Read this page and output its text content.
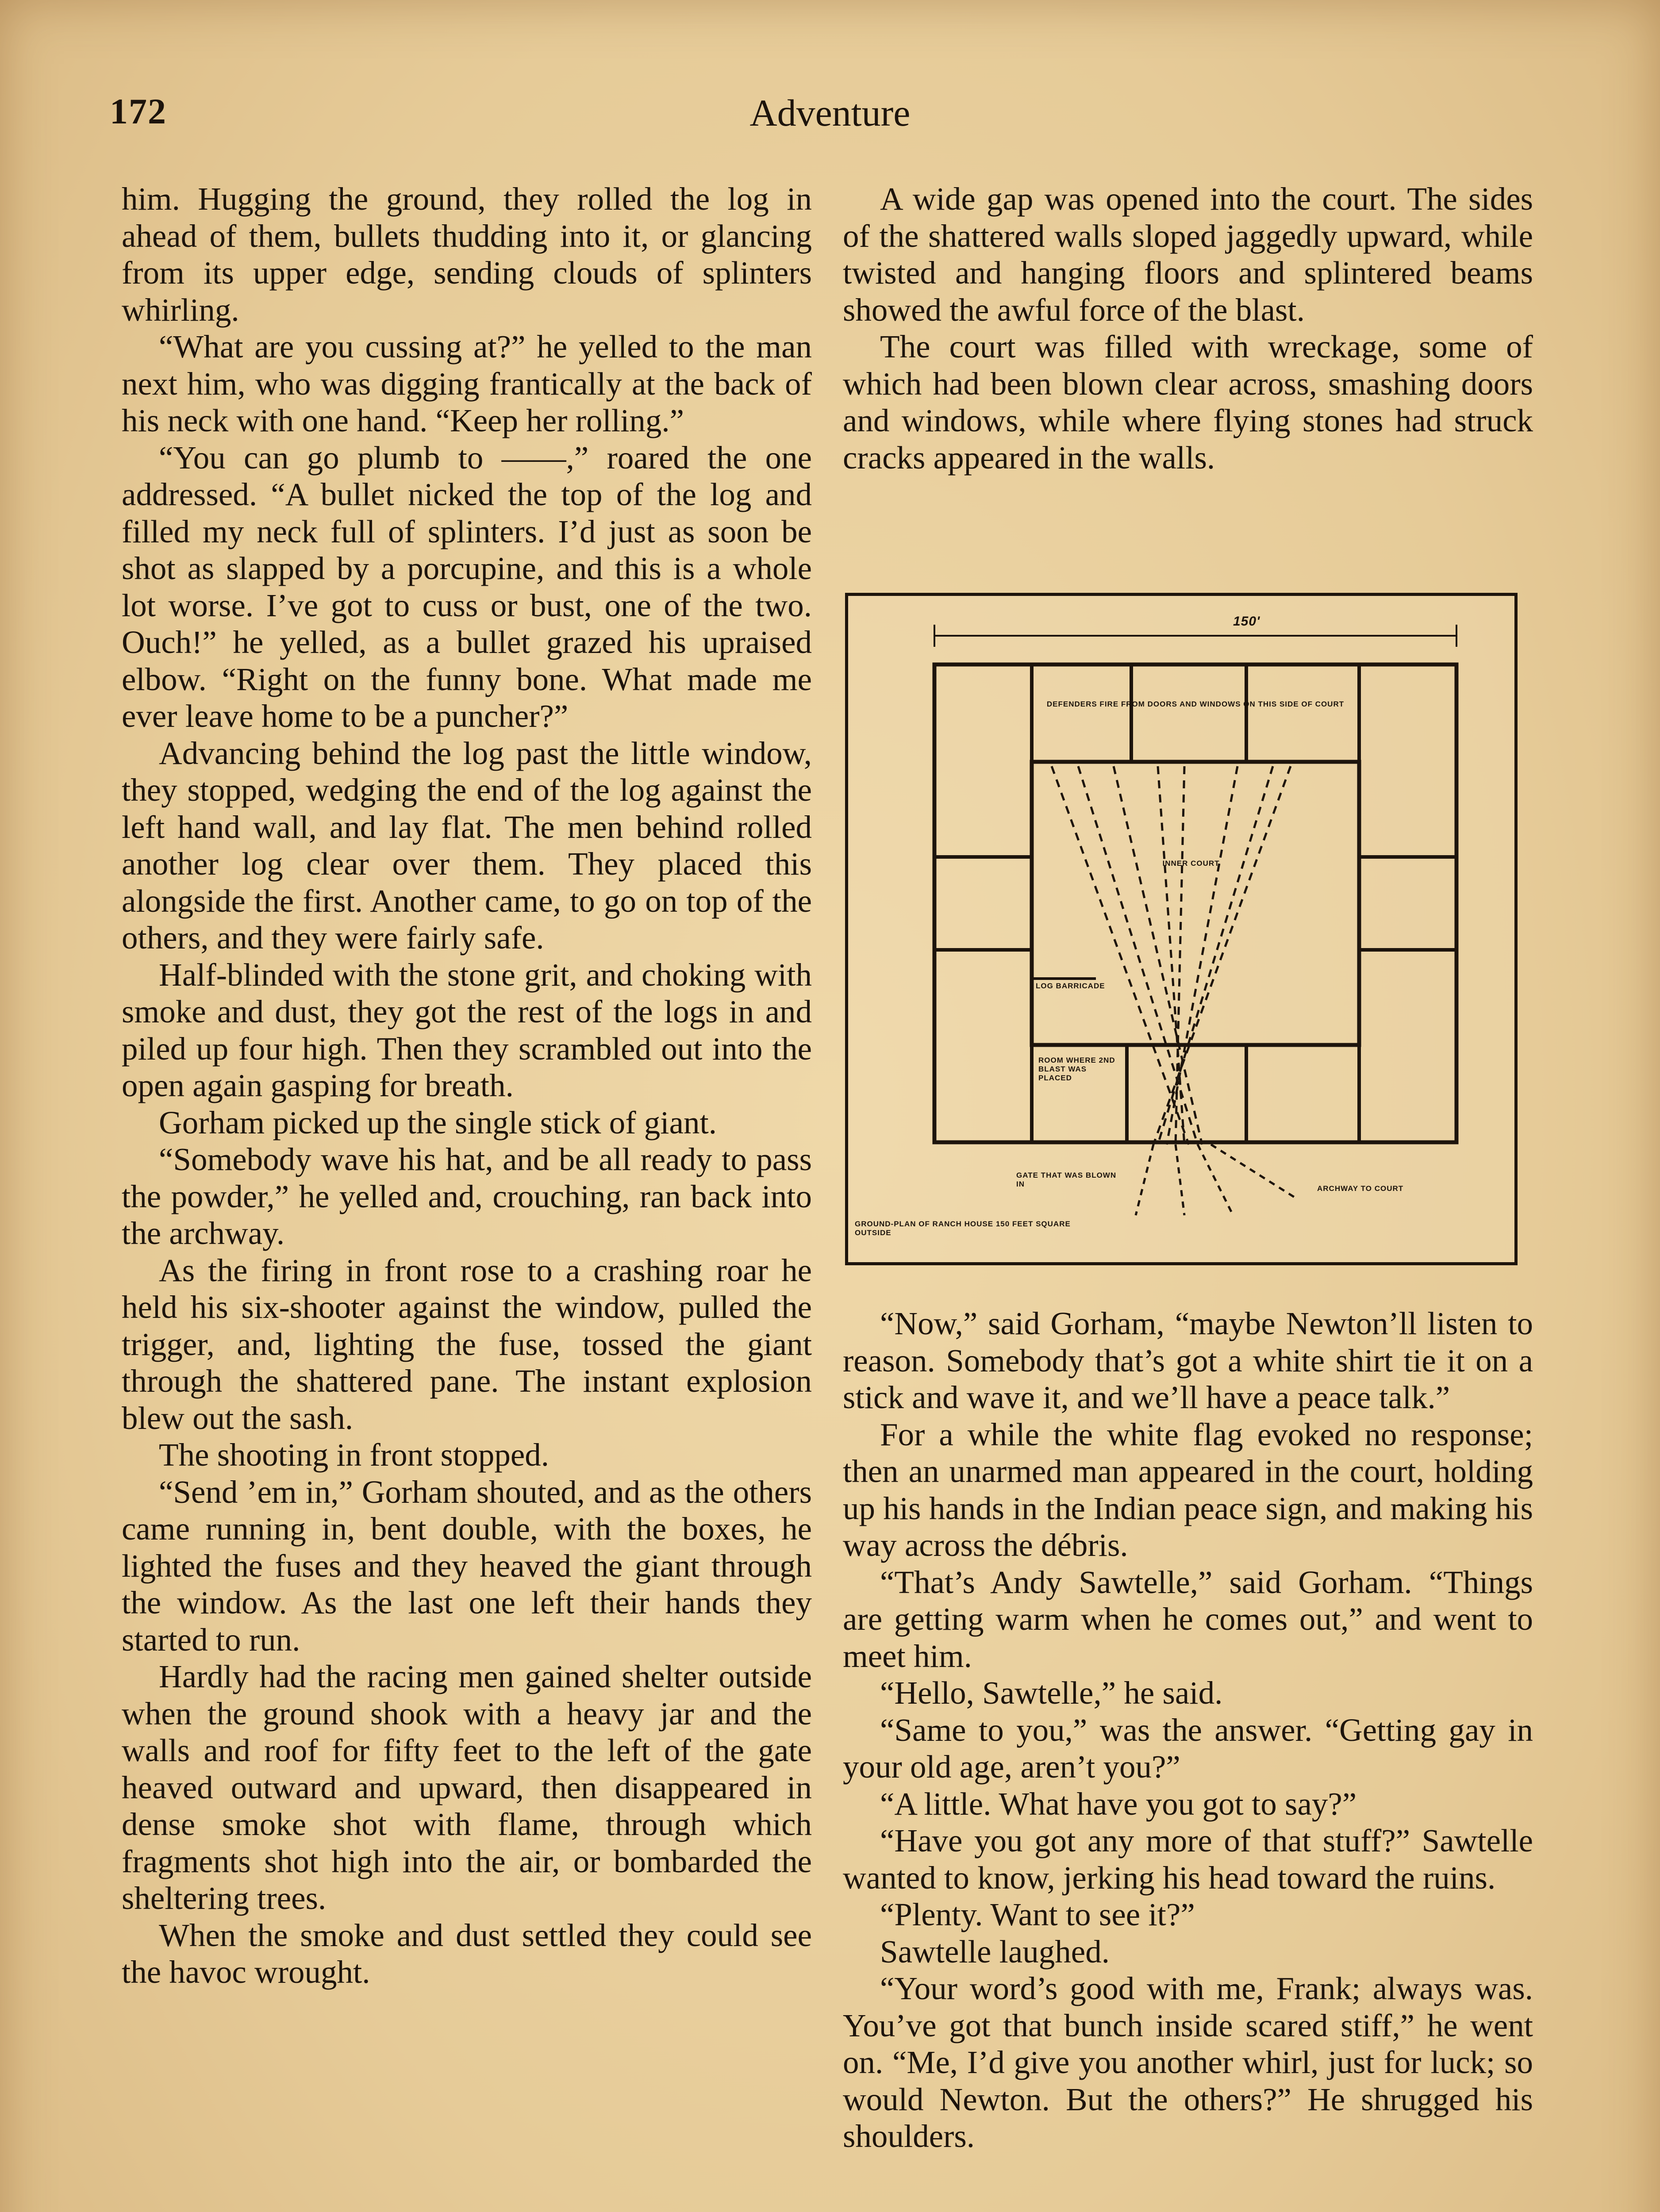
172	Adventure

him. Hugging the ground, they rolled the log in ahead of them, bullets thudding into it, or glancing from its upper edge, sending clouds of splinters whirling.

“What are you cussing at?” he yelled to the man next him, who was digging frantically at the back of his neck with one hand. “Keep her rolling.”

“You can go plumb to ——,” roared the one addressed. “A bullet nicked the top of the log and filled my neck full of splinters. I’d just as soon be shot as slapped by a porcupine, and this is a whole lot worse. I’ve got to cuss or bust, one of the two. Ouch!” he yelled, as a bullet grazed his upraised elbow. “Right on the funny bone. What made me ever leave home to be a puncher?”

Advancing behind the log past the little window, they stopped, wedging the end of the log against the left hand wall, and lay flat. The men behind rolled another log clear over them. They placed this alongside the first. Another came, to go on top of the others, and they were fairly safe.

Half-blinded with the stone grit, and choking with smoke and dust, they got the rest of the logs in and piled up four high. Then they scrambled out into the open again gasping for breath.

Gorham picked up the single stick of giant.

“Somebody wave his hat, and be all ready to pass the powder,” he yelled and, crouching, ran back into the archway.

As the firing in front rose to a crashing roar he held his six-shooter against the window, pulled the trigger, and, lighting the fuse, tossed the giant through the shattered pane. The instant explosion blew out the sash.

The shooting in front stopped.

“Send ’em in,” Gorham shouted, and as the others came running in, bent double, with the boxes, he lighted the fuses and they heaved the giant through the window. As the last one left their hands they started to run.

Hardly had the racing men gained shelter outside when the ground shook with a heavy jar and the walls and roof for fifty feet to the left of the gate heaved outward and upward, then disappeared in dense smoke shot with flame, through which fragments shot high into the air, or bombarded the sheltering trees.

When the smoke and dust settled they could see the havoc wrought.

A wide gap was opened into the court. The sides of the shattered walls sloped jaggedly upward, while twisted and hanging floors and splintered beams showed the awful force of the blast.

The court was filled with wreckage, some of which had been blown clear across, smashing doors and windows, while where flying stones had struck cracks appeared in the walls.

150'
DEFENDERS FIRE FROM DOORS AND WINDOWS ON THIS SIDE OF COURT
LOG BARRICADE
INNER COURT
ROOM WHERE 2ND BLAST WAS PLACED
GATE THAT WAS BLOWN IN
ARCHWAY TO COURT
GROUND-PLAN OF RANCH HOUSE 150 FEET SQUARE OUTSIDE

“Now,” said Gorham, “maybe Newton’ll listen to reason. Somebody that’s got a white shirt tie it on a stick and wave it, and we’ll have a peace talk.”

For a while the white flag evoked no response; then an unarmed man appeared in the court, holding up his hands in the Indian peace sign, and making his way across the débris.

“That’s Andy Sawtelle,” said Gorham. “Things are getting warm when he comes out,” and went to meet him.

“Hello, Sawtelle,” he said.

“Same to you,” was the answer. “Getting gay in your old age, aren’t you?”

“A little. What have you got to say?”

“Have you got any more of that stuff?” Sawtelle wanted to know, jerking his head toward the ruins.

“Plenty. Want to see it?”

Sawtelle laughed.

“Your word’s good with me, Frank; always was. You’ve got that bunch inside scared stiff,” he went on. “Me, I’d give you another whirl, just for luck; so would Newton. But the others?” He shrugged his shoulders.
